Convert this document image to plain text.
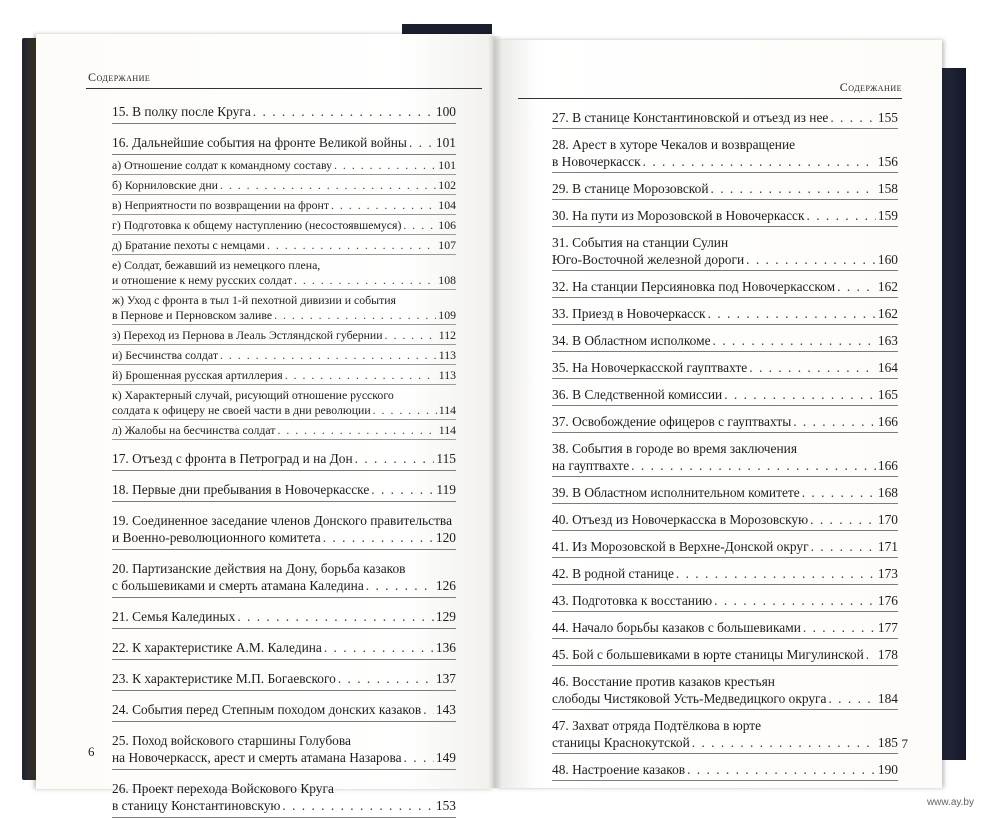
Содержание
15. В полку после Круга . . .	100
16. Дальнейшие события на фронте Великой войны . . . 101
а) Отношение солдат к командному составу . . .	101
б) Корниловские дни . . .	102
в) Неприятности по возвращении на фронт . . .	104
г) Подготовка к общему наступлению (несостоявшемуся) . . .	106
д) Братание пехоты с немцами . . .	107
е) Солдат, бежавший из немецкого плена,
и отношение к нему русских солдат . . .	108
ж) Уход с фронта в тыл 1-й пехотной дивизии и события
в Пернове и Перновском заливе . . .	109
з) Переход из Пернова в Леаль Эстляндской губернии . . .	112
и) Бесчинства солдат . . .	113
й) Брошенная русская артиллерия . . .	113
к) Характерный случай, рисующий отношение русского
солдата к офицеру не своей части в дни революции . . .	114
л) Жалобы на бесчинства солдат . . .	114
17. Отъезд с фронта в Петроград и на Дон . . .	115
18. Первые дни пребывания в Новочеркасске . . .	119
19. Соединенное заседание членов Донского правительства
и Военно-революционного комитета . . .	120
20. Партизанские действия на Дону, борьба казаков
с большевиками и смерть атамана Каледина . . .	126
21. Семья Калединых . . .	129
22. К характеристике А.М. Каледина . . .	136
23. К характеристике М.П. Богаевского . . .	137
24. События перед Степным походом донских казаков . . . 143
25. Поход войскового старшины Голубова
на Новочеркасск, арест и смерть атамана Назарова . . .	149
26. Проект перехода Войскового Круга
в станицу Константиновскую . . .	153
6
Содержание
27. В станице Константиновской и отъезд из нее . . .	155
28. Арест в хуторе Чекалов и возвращение
в Новочеркасск . . .	156
29. В станице Морозовской . . .	158
30. На пути из Морозовской в Новочеркасск . . .	159
31. События на станции Сулин
Юго-Восточной железной дороги . . .	160
32. На станции Персияновка под Новочеркасском . . .	162
33. Приезд в Новочеркасск . . .	162
34. В Областном исполкоме . . .	163
35. На Новочеркасской гауптвахте . . .	164
36. В Следственной комиссии . . .	165
37. Освобождение офицеров с гауптвахты . . .	166
38. События в городе во время заключения
на гауптвахте . . .	166
39. В Областном исполнительном комитете . . .	168
40. Отъезд из Новочеркасска в Морозовскую . . .	170
41. Из Морозовской в Верхне-Донской округ . . .	171
42. В родной станице . . .	173
43. Подготовка к восстанию . . .	176
44. Начало борьбы казаков с большевиками . . .	177
45. Бой с большевиками в юрте станицы Мигулинской . . . 178
46. Восстание против казаков крестьян
слободы Чистяковой Усть-Медведицкого округа . . .	184
47. Захват отряда Подтёлкова в юрте
станицы Краснокутской . . .	185
48. Настроение казаков . . .	190
7
www.ay.by
